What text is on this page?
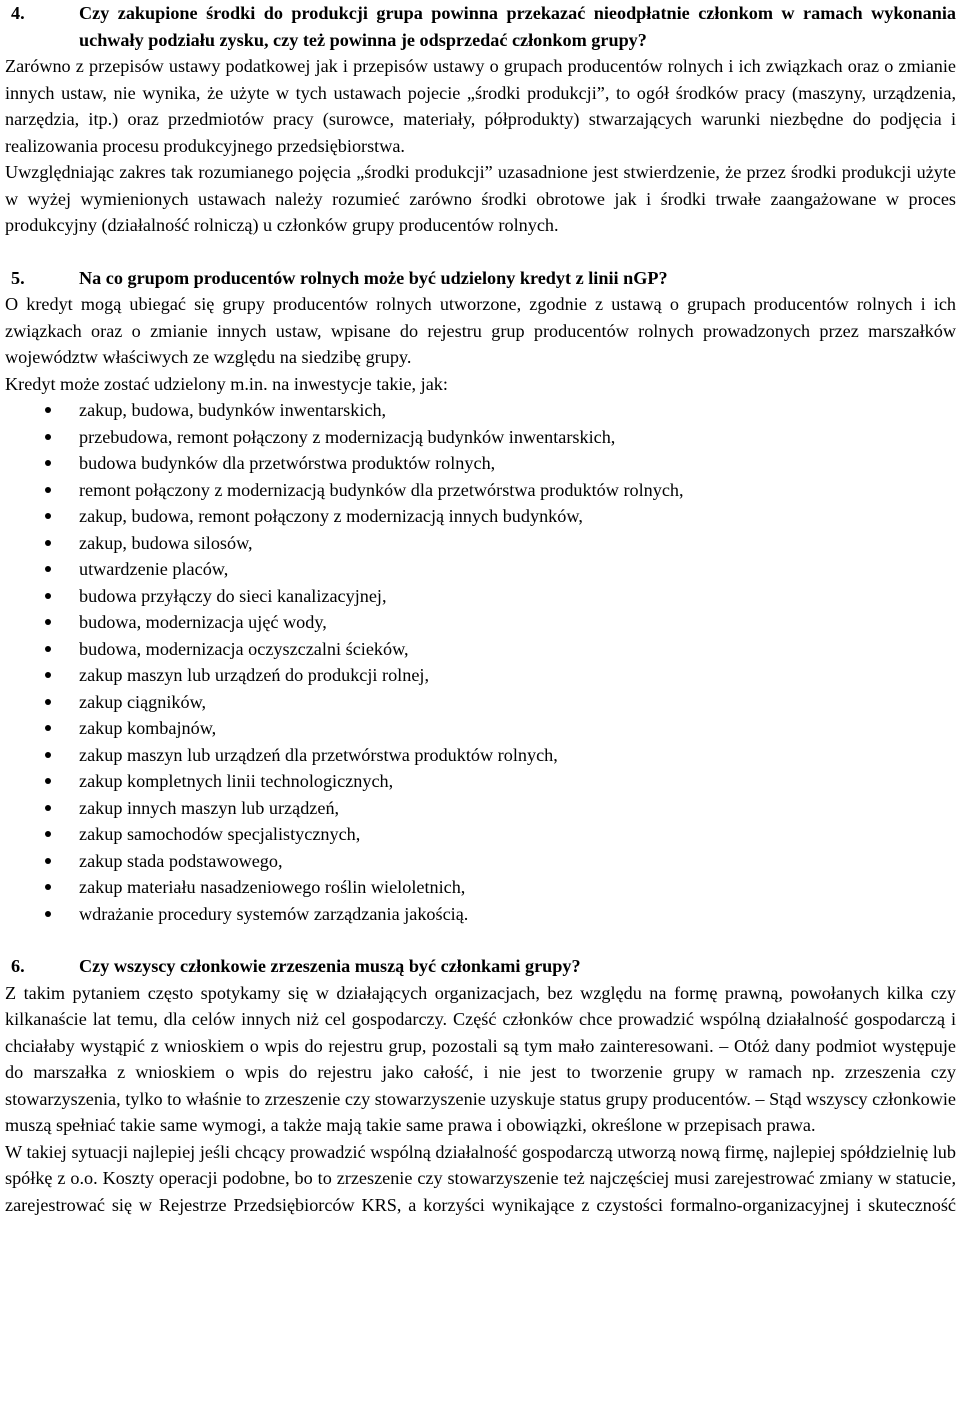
4.	Czy zakupione środki do produkcji grupa powinna przekazać nieodpłatnie członkom w ramach wykonania uchwały podziału zysku, czy też powinna je odsprzedać członkom grupy?

Zarówno z przepisów ustawy podatkowej jak i przepisów ustawy o grupach producentów rolnych i ich związkach oraz o zmianie innych ustaw, nie wynika, że użyte w tych ustawach pojecie „środki produkcji”, to ogół środków pracy (maszyny, urządzenia, narzędzia, itp.) oraz przedmiotów pracy (surowce, materiały, półprodukty) stwarzających warunki niezbędne do podjęcia i realizowania procesu produkcyjnego przedsiębiorstwa.

Uwzględniając zakres tak rozumianego pojęcia „środki produkcji” uzasadnione jest stwierdzenie, że przez środki produkcji użyte w wyżej wymienionych ustawach należy rozumieć zarówno środki obrotowe jak i środki trwałe zaangażowane w proces produkcyjny (działalność rolniczą) u członków grupy producentów rolnych.

5.	Na co grupom producentów rolnych może być udzielony kredyt z linii nGP?

O kredyt mogą ubiegać się grupy producentów rolnych utworzone, zgodnie z ustawą o grupach producentów rolnych i ich związkach oraz o zmianie innych ustaw, wpisane do rejestru grup producentów rolnych prowadzonych przez marszałków województw właściwych ze względu na siedzibę grupy.

Kredyt może zostać udzielony m.in. na inwestycje takie, jak:

zakup, budowa, budynków inwentarskich,
przebudowa, remont połączony z modernizacją budynków inwentarskich,
budowa budynków dla przetwórstwa produktów rolnych,
remont połączony z modernizacją budynków dla przetwórstwa produktów rolnych,
zakup, budowa, remont połączony z modernizacją innych budynków,
zakup, budowa silosów,
utwardzenie placów,
budowa przyłączy do sieci kanalizacyjnej,
budowa, modernizacja ujęć wody,
budowa, modernizacja oczyszczalni ścieków,
zakup maszyn lub urządzeń do produkcji rolnej,
zakup ciągników,
zakup kombajnów,
zakup maszyn lub urządzeń dla przetwórstwa produktów rolnych,
zakup kompletnych linii technologicznych,
zakup innych maszyn lub urządzeń,
zakup samochodów specjalistycznych,
zakup stada podstawowego,
zakup materiału nasadzeniowego roślin wieloletnich,
wdrażanie procedury systemów zarządzania jakością.
6.	Czy wszyscy członkowie zrzeszenia muszą być członkami grupy?

Z takim pytaniem często spotykamy się w działających organizacjach, bez względu na formę prawną, powołanych kilka czy kilkanaście lat temu, dla celów innych niż cel gospodarczy. Część członków chce prowadzić wspólną działalność gospodarczą i chciałaby wystąpić z wnioskiem o wpis do rejestru grup, pozostali są tym mało zainteresowani. – Otóż dany podmiot występuje do marszałka z wnioskiem o wpis do rejestru jako całość, i nie jest to tworzenie grupy w ramach np. zrzeszenia czy stowarzyszenia, tylko to właśnie to zrzeszenie czy stowarzyszenie uzyskuje status grupy producentów. – Stąd wszyscy członkowie muszą spełniać takie same wymogi, a także mają takie same prawa i obowiązki, określone w przepisach prawa.

W takiej sytuacji najlepiej jeśli chcący prowadzić wspólną działalność gospodarczą utworzą nową firmę, najlepiej spółdzielnię lub spółkę z o.o. Koszty operacji podobne, bo to zrzeszenie czy stowarzyszenie też najczęściej musi zarejestrować zmiany w statucie, zarejestrować się w Rejestrze Przedsiębiorców KRS, a korzyści wynikające z czystości formalno-organizacyjnej i skuteczność
